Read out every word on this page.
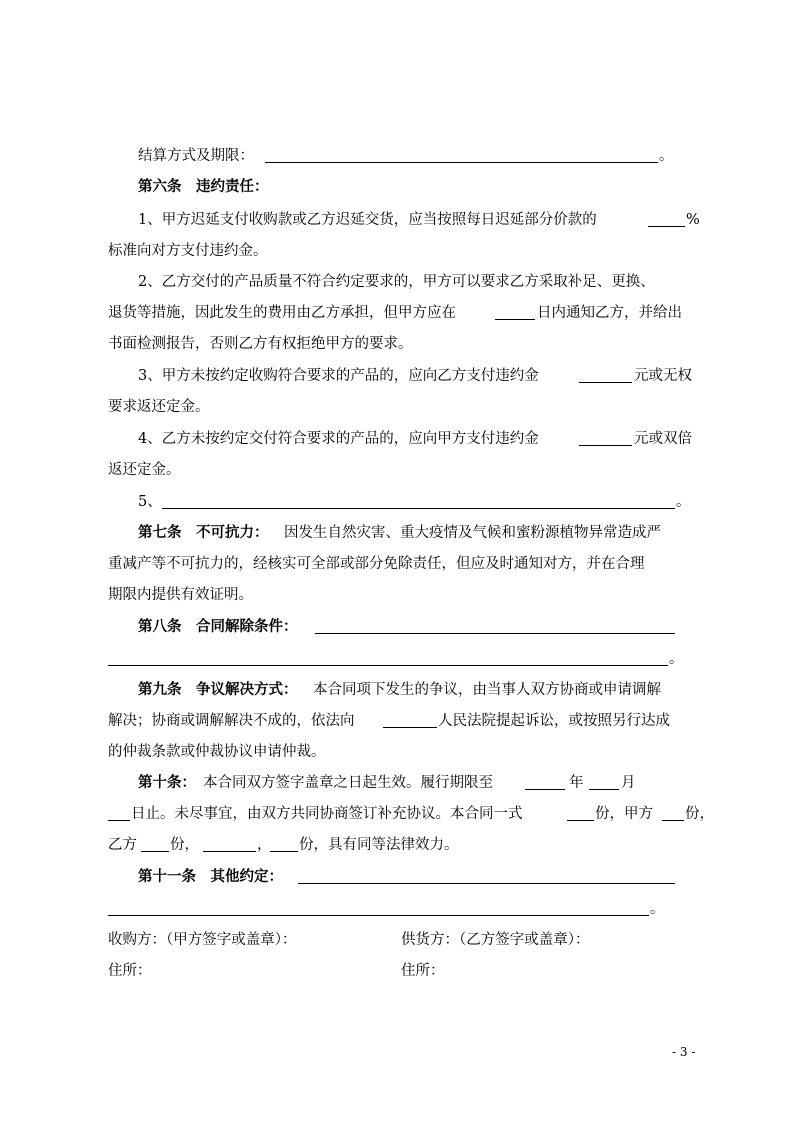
结算方式及期限：	。
第六条　违约责任：
1、甲方迟延支付收购款或乙方迟延交货，应当按照每日迟延部分价款的	%
标准向对方支付违约金。
2、乙方交付的产品质量不符合约定要求的，甲方可以要求乙方采取补足、更换、
退货等措施，因此发生的费用由乙方承担，但甲方应在	日内通知乙方，并给出
书面检测报告，否则乙方有权拒绝甲方的要求。
3、甲方未按约定收购符合要求的产品的，应向乙方支付违约金	元或无权
要求返还定金。
4、乙方未按约定交付符合要求的产品的，应向甲方支付违约金	元或双倍
返还定金。
5、	。
第七条　不可抗力： 因发生自然灾害、重大疫情及气候和蜜粉源植物异常造成严
重减产等不可抗力的，经核实可全部或部分免除责任，但应及时通知对方，并在合理
期限内提供有效证明。
第八条　合同解除条件：
。
第九条　争议解决方式： 本合同项下发生的争议，由当事人双方协商或申请调解
解决；协商或调解解决不成的，依法向	人民法院提起诉讼，或按照另行达成
的仲裁条款或仲裁协议申请仲裁。
第十条： 本合同双方签字盖章之日起生效。履行期限至	年	月
日止。未尽事宜，由双方共同协商签订补充协议。本合同一式	份，甲方 份，
乙方 份，	， 份，具有同等法律效力。
第十一条　其他约定：
。
收购方：（甲方签字或盖章）：	供货方：（乙方签字或盖章）：
住所：	住所：
- 3 -
